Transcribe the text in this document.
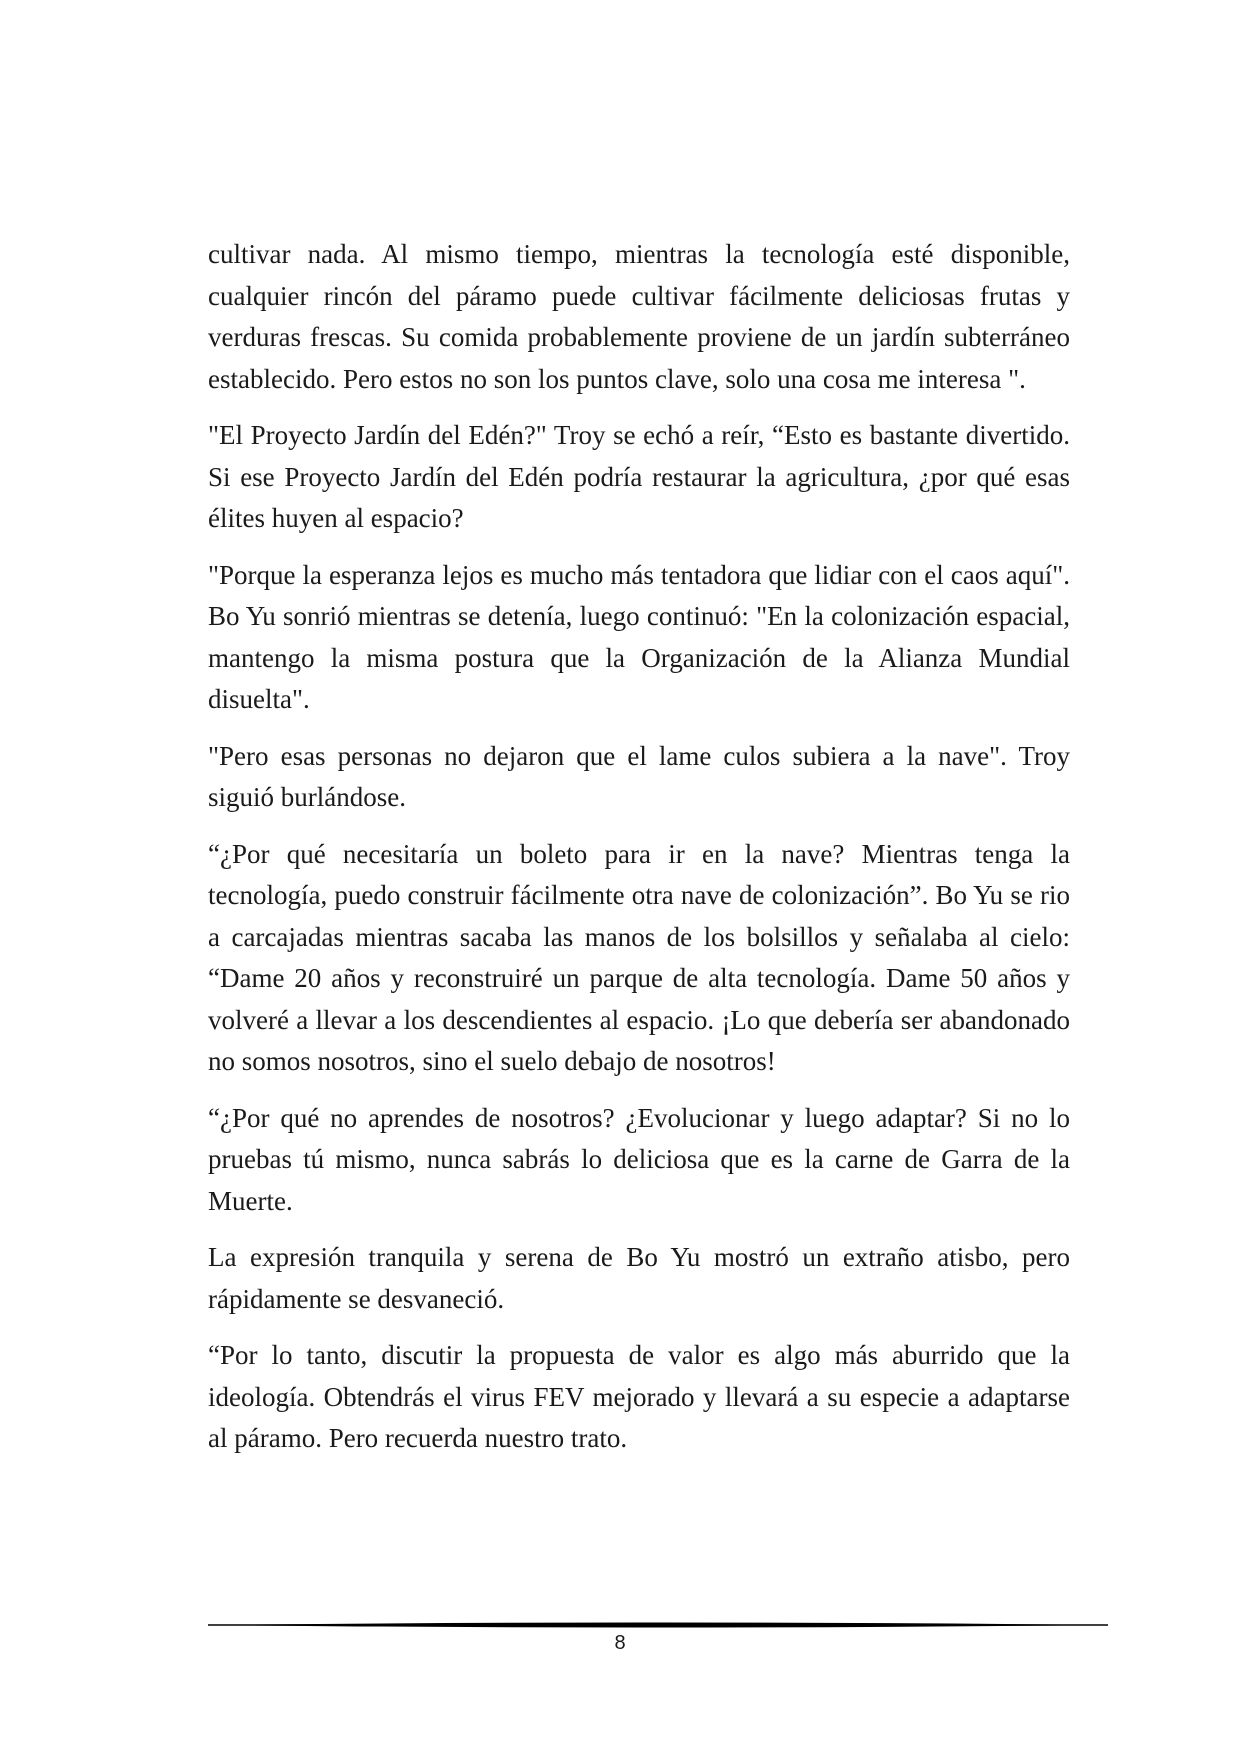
cultivar nada. Al mismo tiempo, mientras la tecnología esté disponible, cualquier rincón del páramo puede cultivar fácilmente deliciosas frutas y verduras frescas. Su comida probablemente proviene de un jardín subterráneo establecido. Pero estos no son los puntos clave, solo una cosa me interesa ".

"El Proyecto Jardín del Edén?" Troy se echó a reír, “Esto es bastante divertido. Si ese Proyecto Jardín del Edén podría restaurar la agricultura, ¿por qué esas élites huyen al espacio?

"Porque la esperanza lejos es mucho más tentadora que lidiar con el caos aquí". Bo Yu sonrió mientras se detenía, luego continuó: "En la colonización espacial, mantengo la misma postura que la Organización de la Alianza Mundial disuelta".

"Pero esas personas no dejaron que el lame culos subiera a la nave". Troy siguió burlándose.

“¿Por qué necesitaría un boleto para ir en la nave? Mientras tenga la tecnología, puedo construir fácilmente otra nave de colonización”. Bo Yu se rio a carcajadas mientras sacaba las manos de los bolsillos y señalaba al cielo: “Dame 20 años y reconstruiré un parque de alta tecnología. Dame 50 años y volveré a llevar a los descendientes al espacio. ¡Lo que debería ser abandonado no somos nosotros, sino el suelo debajo de nosotros!

“¿Por qué no aprendes de nosotros? ¿Evolucionar y luego adaptar? Si no lo pruebas tú mismo, nunca sabrás lo deliciosa que es la carne de Garra de la Muerte.

La expresión tranquila y serena de Bo Yu mostró un extraño atisbo, pero rápidamente se desvaneció.

“Por lo tanto, discutir la propuesta de valor es algo más aburrido que la ideología. Obtendrás el virus FEV mejorado y llevará a su especie a adaptarse al páramo. Pero recuerda nuestro trato.

8
